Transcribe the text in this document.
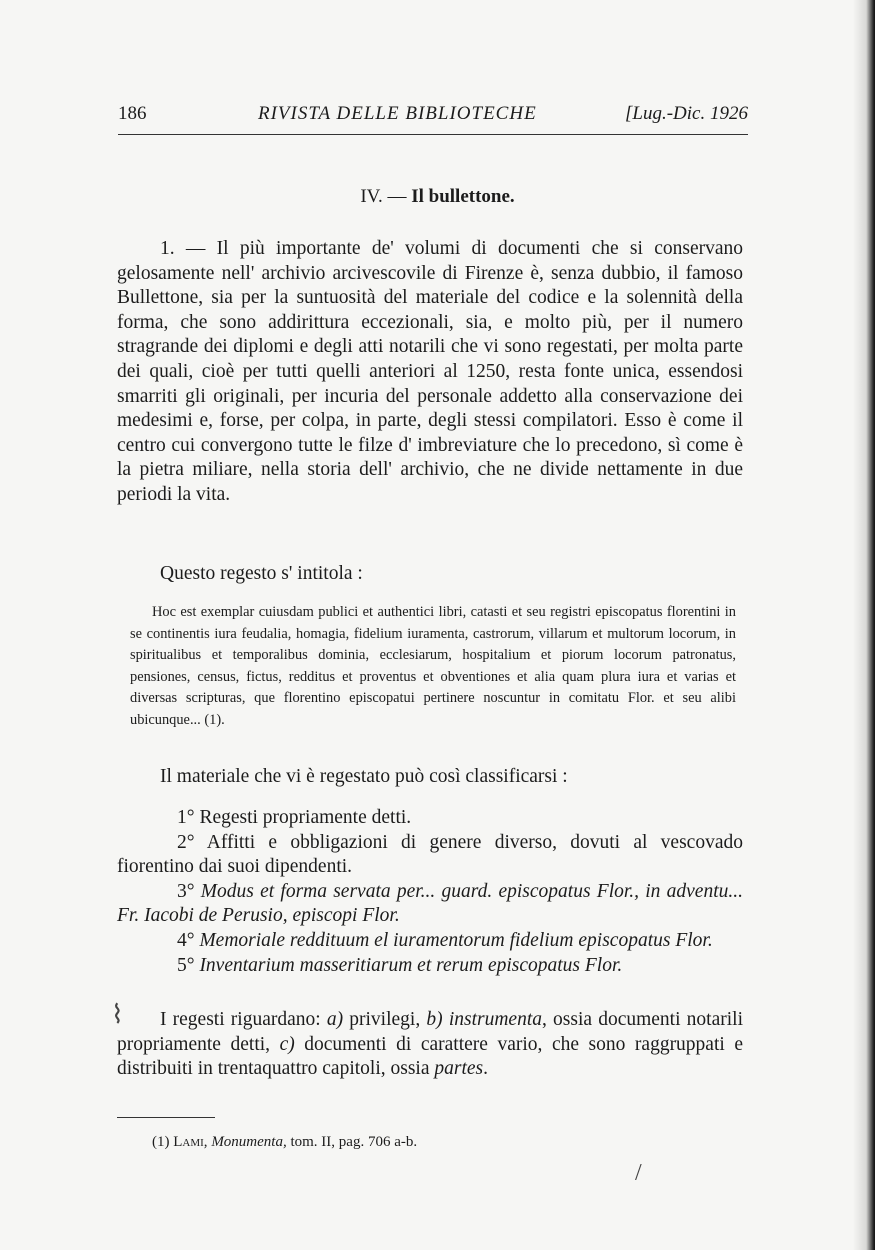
186	RIVISTA DELLE BIBLIOTECHE	[Lug.-Dic. 1926
IV. — Il bullettone.

1. — Il più importante de' volumi di documenti che si conservano gelosamente nell' archivio arcivescovile di Firenze è, senza dubbio, il famoso Bullettone, sia per la suntuosità del materiale del codice e la solennità della forma, che sono addirittura eccezionali, sia, e molto più, per il numero stragrande dei diplomi e degli atti notarili che vi sono regestati, per molta parte dei quali, cioè per tutti quelli anteriori al 1250, resta fonte unica, essendosi smarriti gli originali, per incuria del personale addetto alla conservazione dei medesimi e, forse, per colpa, in parte, degli stessi compilatori. Esso è come il centro cui convergono tutte le filze d' imbreviature che lo precedono, sì come è la pietra miliare, nella storia dell' archivio, che ne divide nettamente in due periodi la vita.

Questo regesto s' intitola :

Hoc est exemplar cuiusdam publici et authentici libri, catasti et seu registri episcopatus florentini in se continentis iura feudalia, homagia, fidelium iuramenta, castrorum, villarum et multorum locorum, in spiritualibus et temporalibus dominia, ecclesiarum, hospitalium et piorum locorum patronatus, pensiones, census, fictus, redditus et proventus et obventiones et alia quam plura iura et varias et diversas scripturas, que florentino episcopatui pertinere noscuntur in comitatu Flor. et seu alibi ubicunque... (1).

Il materiale che vi è regestato può così classificarsi :

1° Regesti propriamente detti.

2° Affitti e obbligazioni di genere diverso, dovuti al vescovado fiorentino dai suoi dipendenti.

3° Modus et forma servata per... guard. episcopatus Flor., in adventu... Fr. Iacobi de Perusio, episcopi Flor.

4° Memoriale reddituum el iuramentorum fidelium episcopatus Flor.

5° Inventarium masseritiarum et rerum episcopatus Flor.

I regesti riguardano: a) privilegi, b) instrumenta, ossia documenti notarili propriamente detti, c) documenti di carattere vario, che sono raggruppati e distribuiti in trentaquattro capitoli, ossia partes.

(1) Lami, Monumenta, tom. II, pag. 706 a-b.
⌇
/
